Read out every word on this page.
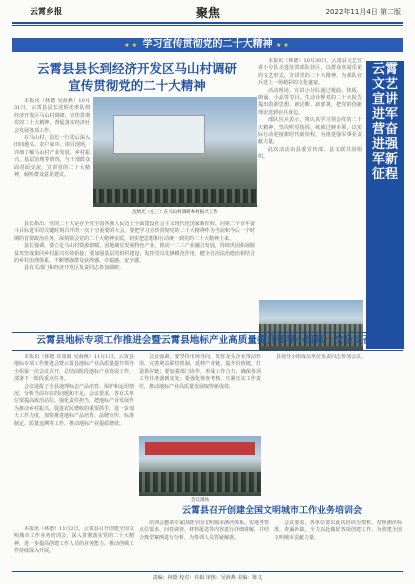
云霄乡报	聚焦	2022年11月4日 第二版
★★ 学习宣传贯彻党的二十大精神 ★★
云霄县县长到经济开发区马山村调研
宣传贯彻党的二十大精神

本报讯（林德 吴海燕）10月31日，云霄县县长沈炳光率队到经济开发区马山村调研，宣传贯彻党的二十大精神，督促落实经济社会发展各项工作。

在马山村，县长一行先后深入田间地头、农户家中、项目现场，详细了解马山村产业发展、乡村振兴、基层治理等情况，与干部群众面对面交流，宣讲党的二十大精神，倾听群众意见建议。

沈炳光（左三）在马山村调研乡村振兴工作

县长指出，党的二十大是在全党全国各族人民迈上全面建设社会主义现代化国家新征程、向第二个百年奋斗目标进军的关键时刻召开的一次十分重要的大会。要把学习宣传贯彻党的二十大精神作为当前和今后一个时期的首要政治任务，深刻领会党的二十大精神实质，切实把思想和行动统一到党的二十大精神上来。

县长强调，要立足马山村资源禀赋，因地制宜发展特色产业，推动一二三产业融合发展，持续巩固拓展脱贫攻坚成果同乡村振兴有效衔接；要加强基层党组织建设，发挥党员先锋模范作用，健全自治法治德治相结合的乡村治理体系，不断增强群众获得感、幸福感、安全感。

县有关部门和经济开发区负责同志参加调研。

云霄文艺宣讲进军营奋进强军新征程

本报讯（林德）10月30日，云霄县文艺宣讲小分队走进驻霄部队营区，以群众喜闻乐见的文艺形式，宣讲党的二十大精神，为部队官兵送上一场精彩的文化盛宴。

活动现场，宣讲小分队通过歌曲、快板、朗诵、小品等节目，生动诠释党的二十大报告提出的新思想、新论断、新部署，把党的创新理论送到官兵身边。

部队官兵表示，将认真学习领会党的二十大精神，坚决听党指挥，练就过硬本领，以实际行动迎接新时代新征程，为推进强军事业贡献力量。

此次活动由县委宣传部、县文联共同组织。

云霄县地标专项工作推进会暨云霄县地标产业高质量提升领导小组第一次会议召开

本报讯（林德 许如娟 吴海燕）11月1日，云霄县地标专项工作推进会暨云霄县地标产业高质量提升领导小组第一次会议召开，总结前阶段地标产业发展工作，部署下一阶段重点任务。

会议通报了全县地理标志产品培育、保护和运用情况，分析当前存在的问题和不足。会议要求，各有关单位要提高政治站位，强化责任担当，把地标产业发展作为推动乡村振兴、促进农民增收的重要抓手，进一步加大工作力度，加快推进地标产品培育、品牌宣传、标准制定、质量追溯等工作，推动地标产业提质增效。

会议强调，要坚持市场导向，发挥龙头企业带动作用，完善利益联结机制，延伸产业链、提升价值链、打造供应链；要加强部门协作，形成工作合力，确保各项工作任务落到实处；要强化督查考核，压紧压实工作责任，推动地标产业高质量发展取得新成效。

会议现场

县领导小组成员单位负责同志参加会议。

云霄县召开创建全国文明城市工作业务培训会

本报讯（林德）11月2日，云霄县召开创建全国文明城市工作业务培训会，深入贯彻落实党的二十大精神，进一步提高创建工作人员的业务能力，推动创城工作持续深入开展。

培训会邀请专家围绕全国文明城市测评体系、实地考察点位要求、问卷调查、材料报送等内容进行详细讲解，并结合典型案例进行分析，为参训人员答疑解惑。

会议要求，各单位要以此次培训为契机，对照测评标准，查漏补缺，全力以赴做好各项创建工作，为创建全国文明城市贡献力量。

责编：林德 校对：许娟 审核：吴海燕 美编：陈文
